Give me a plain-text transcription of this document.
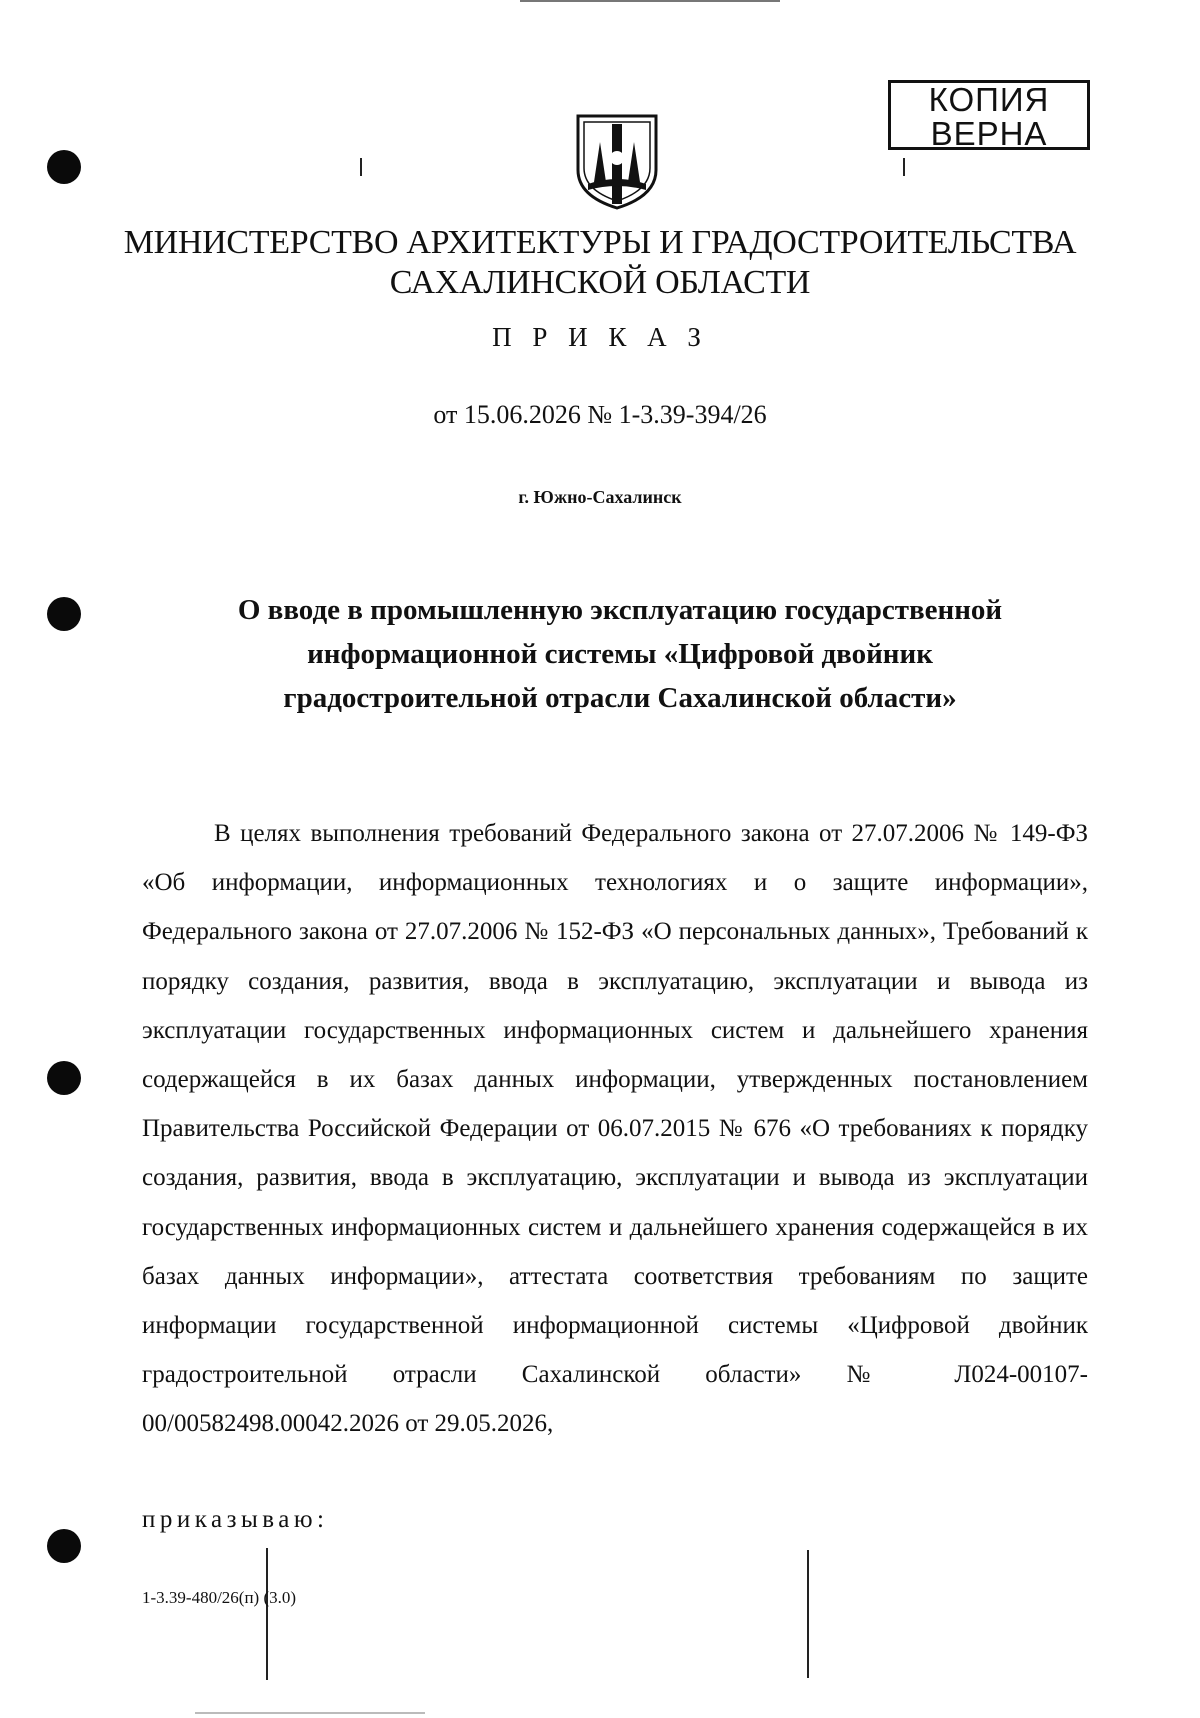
КОПИЯ
ВЕРНА
МИНИСТЕРСТВО АРХИТЕКТУРЫ И ГРАДОСТРОИТЕЛЬСТВА
САХАЛИНСКОЙ ОБЛАСТИ
П Р И К А З
от 15.06.2026 № 1-3.39-394/26
г. Южно-Сахалинск
О вводе в промышленную эксплуатацию государственной
информационной системы «Цифровой двойник
градостроительной отрасли Сахалинской области»

В целях выполнения требований Федерального закона от 27.07.2006 № 149-ФЗ «Об информации, информационных технологиях и о защите информации», Федерального закона от 27.07.2006 № 152-ФЗ «О персональных данных», Требований к порядку создания, развития, ввода в эксплуатацию, эксплуатации и вывода из эксплуатации государственных информационных систем и дальнейшего хранения содержащейся в их базах данных информации, утвержденных постановлением Правительства Российской Федерации от 06.07.2015 № 676 «О требованиях к порядку создания, развития, ввода в эксплуатацию, эксплуатации и вывода из эксплуатации государственных информационных систем и дальнейшего хранения содержащейся в их базах данных информации», аттестата соответствия требованиям по защите информации государственной информационной системы «Цифровой двойник градостроительной отрасли Сахалинской области» № Л024-00107-00/00582498.00042.2026 от 29.05.2026,

приказываю:
1-3.39-480/26(п) (3.0)
